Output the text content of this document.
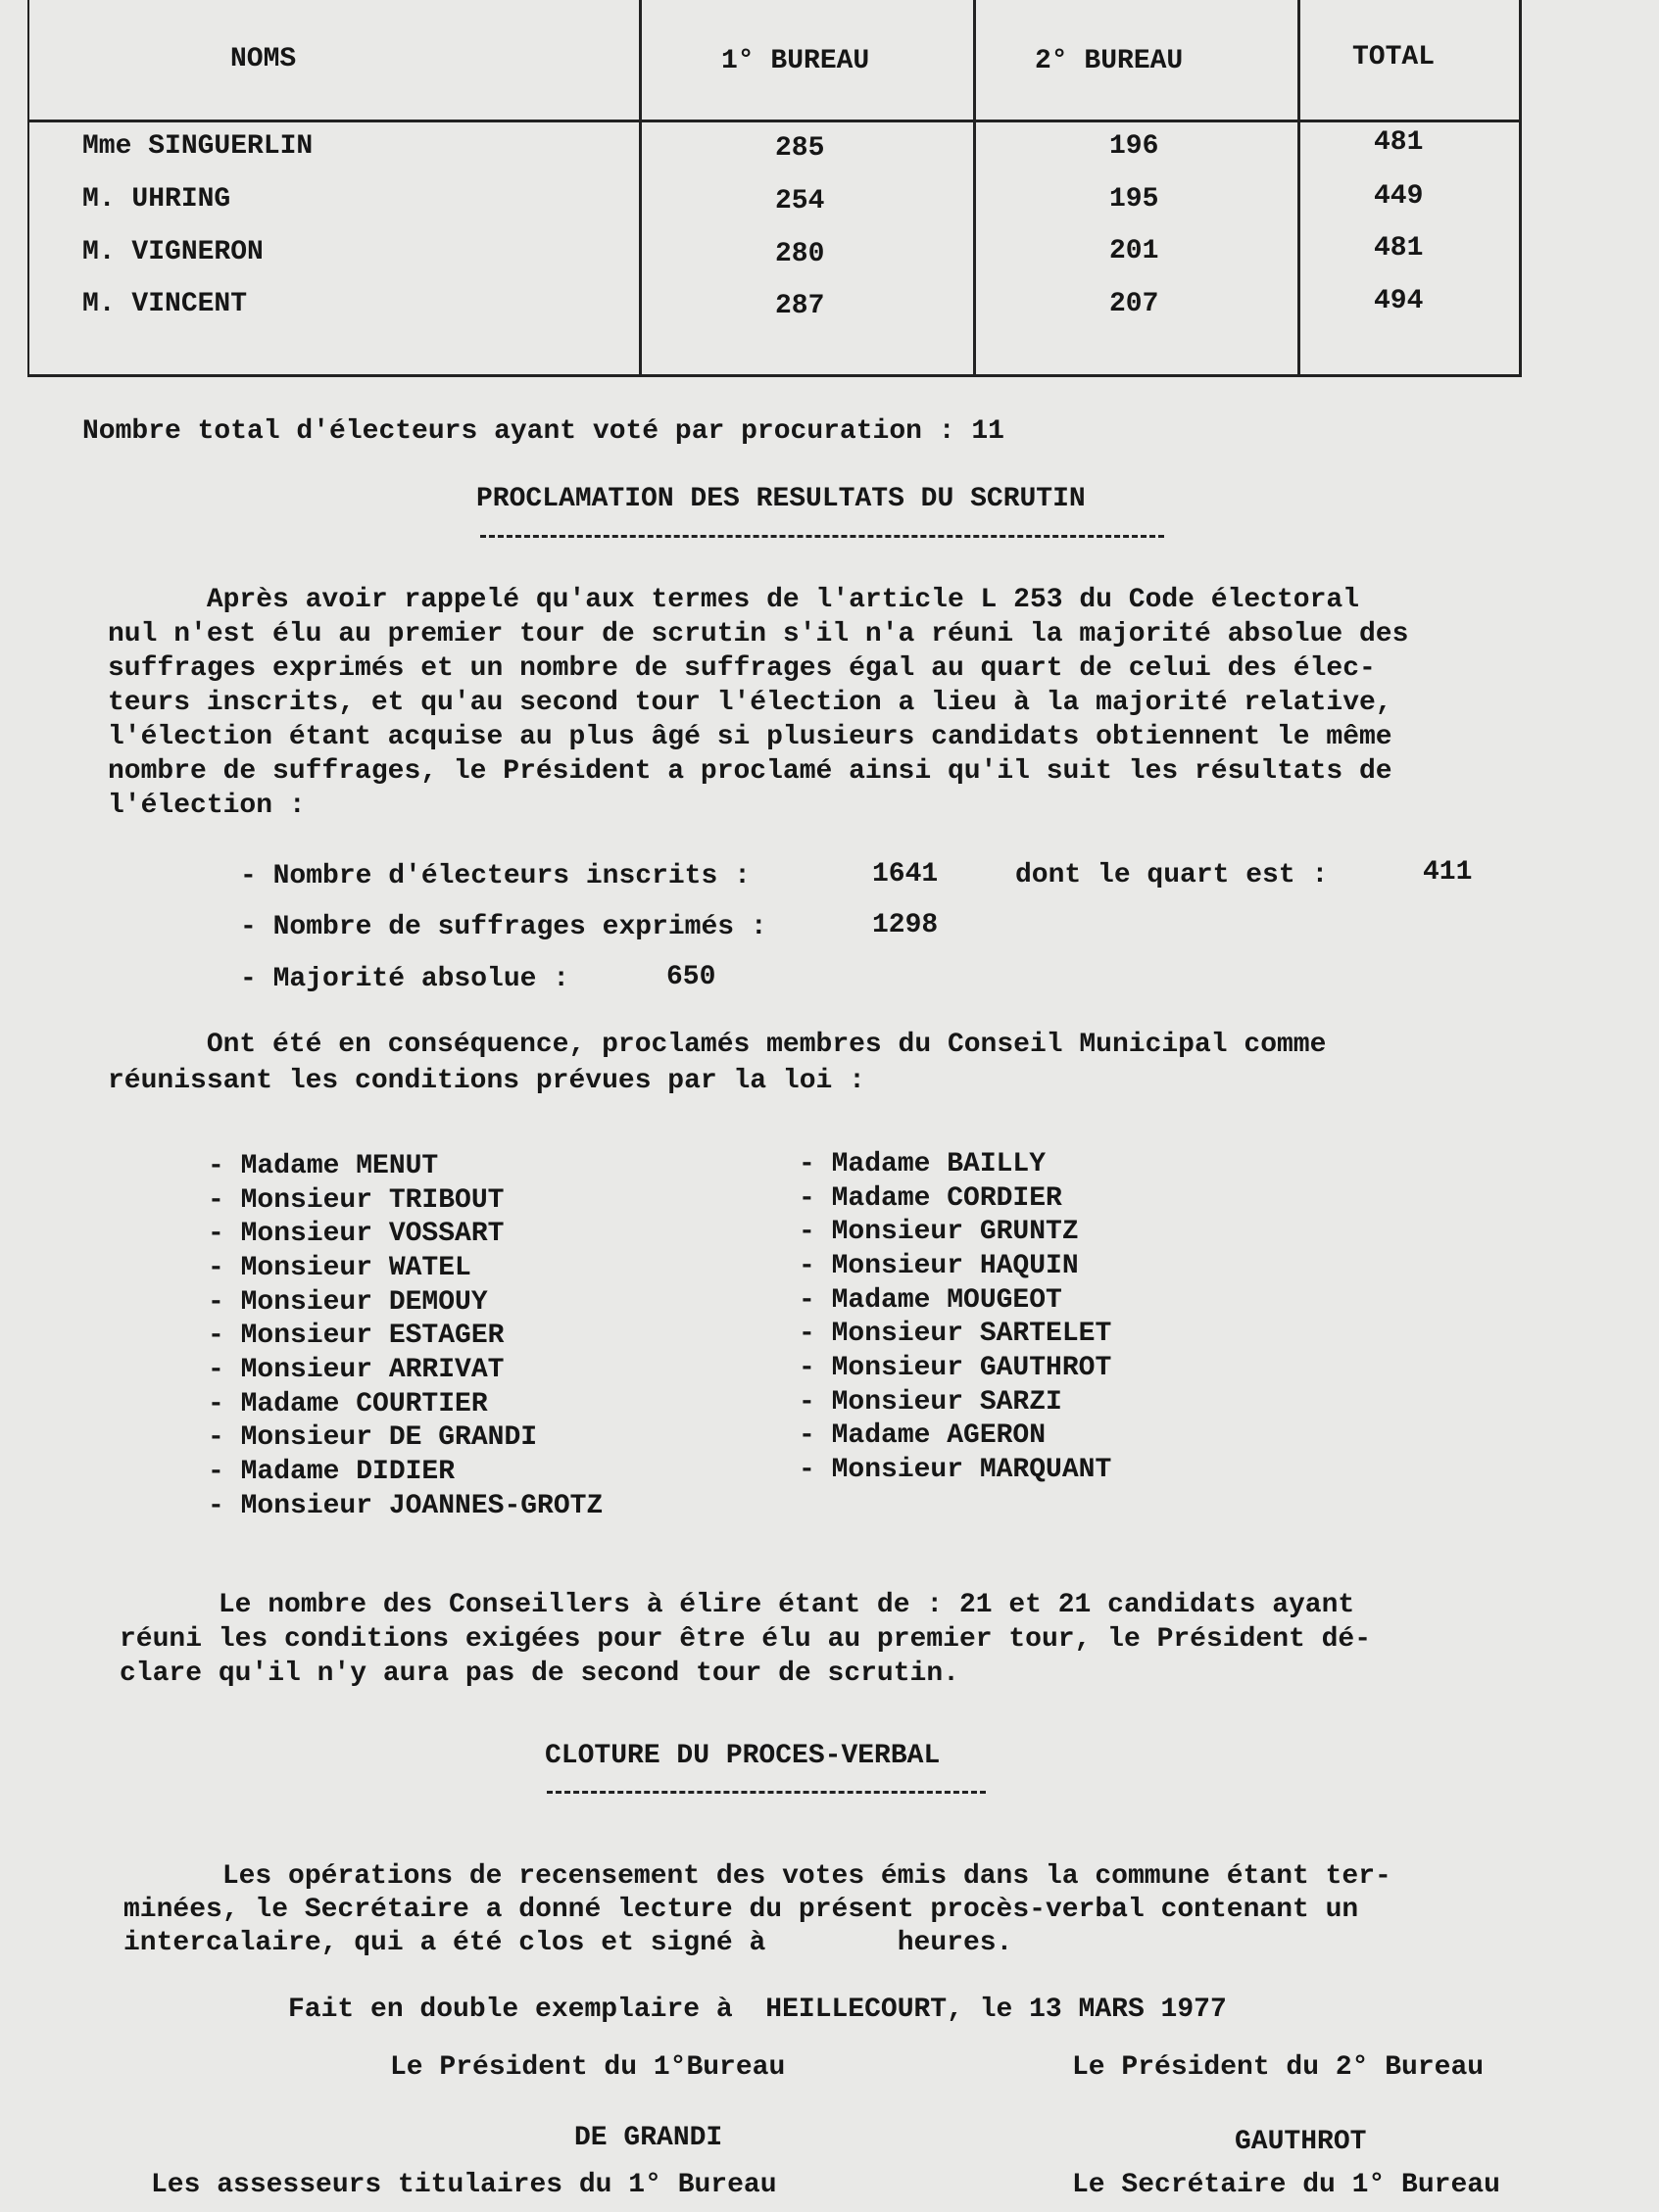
NOMS	1° BUREAU	2° BUREAU	TOTAL
Mme SINGUERLIN	285	196	481
M. UHRING	254	195	449
M. VIGNERON	280	201	481
M. VINCENT	287	207	494
Nombre total d'électeurs ayant voté par procuration : 11
PROCLAMATION DES RESULTATS DU SCRUTIN
Après avoir rappelé qu'aux termes de l'article L 253 du Code électoral
nul n'est élu au premier tour de scrutin s'il n'a réuni la majorité absolue des
suffrages exprimés et un nombre de suffrages égal au quart de celui des élec-
teurs inscrits, et qu'au second tour l'élection a lieu à la majorité relative,
l'élection étant acquise au plus âgé si plusieurs candidats obtiennent le même
nombre de suffrages, le Président a proclamé ainsi qu'il suit les résultats de
l'élection :
- Nombre d'électeurs inscrits :	1641	dont le quart est :	411
- Nombre de suffrages exprimés :	1298
- Majorité absolue :	650
Ont été en conséquence, proclamés membres du Conseil Municipal comme
réunissant les conditions prévues par la loi :
- Madame MENUT
- Monsieur TRIBOUT
- Monsieur VOSSART
- Monsieur WATEL
- Monsieur DEMOUY
- Monsieur ESTAGER
- Monsieur ARRIVAT
- Madame COURTIER
- Monsieur DE GRANDI
- Madame DIDIER
- Monsieur JOANNES-GROTZ
- Madame BAILLY
- Madame CORDIER
- Monsieur GRUNTZ
- Monsieur HAQUIN
- Madame MOUGEOT
- Monsieur SARTELET
- Monsieur GAUTHROT
- Monsieur SARZI
- Madame AGERON
- Monsieur MARQUANT
Le nombre des Conseillers à élire étant de : 21 et 21 candidats ayant
réuni les conditions exigées pour être élu au premier tour, le Président dé-
clare qu'il n'y aura pas de second tour de scrutin.
CLOTURE DU PROCES-VERBAL
Les opérations de recensement des votes émis dans la commune étant ter-
minées, le Secrétaire a donné lecture du présent procès-verbal contenant un
intercalaire, qui a été clos et signé à        heures.
Fait en double exemplaire à  HEILLECOURT, le 13 MARS 1977
Le Président du 1°Bureau	Le Président du 2° Bureau
DE GRANDI	GAUTHROT
Les assesseurs titulaires du 1° Bureau	Le Secrétaire du 1° Bureau
